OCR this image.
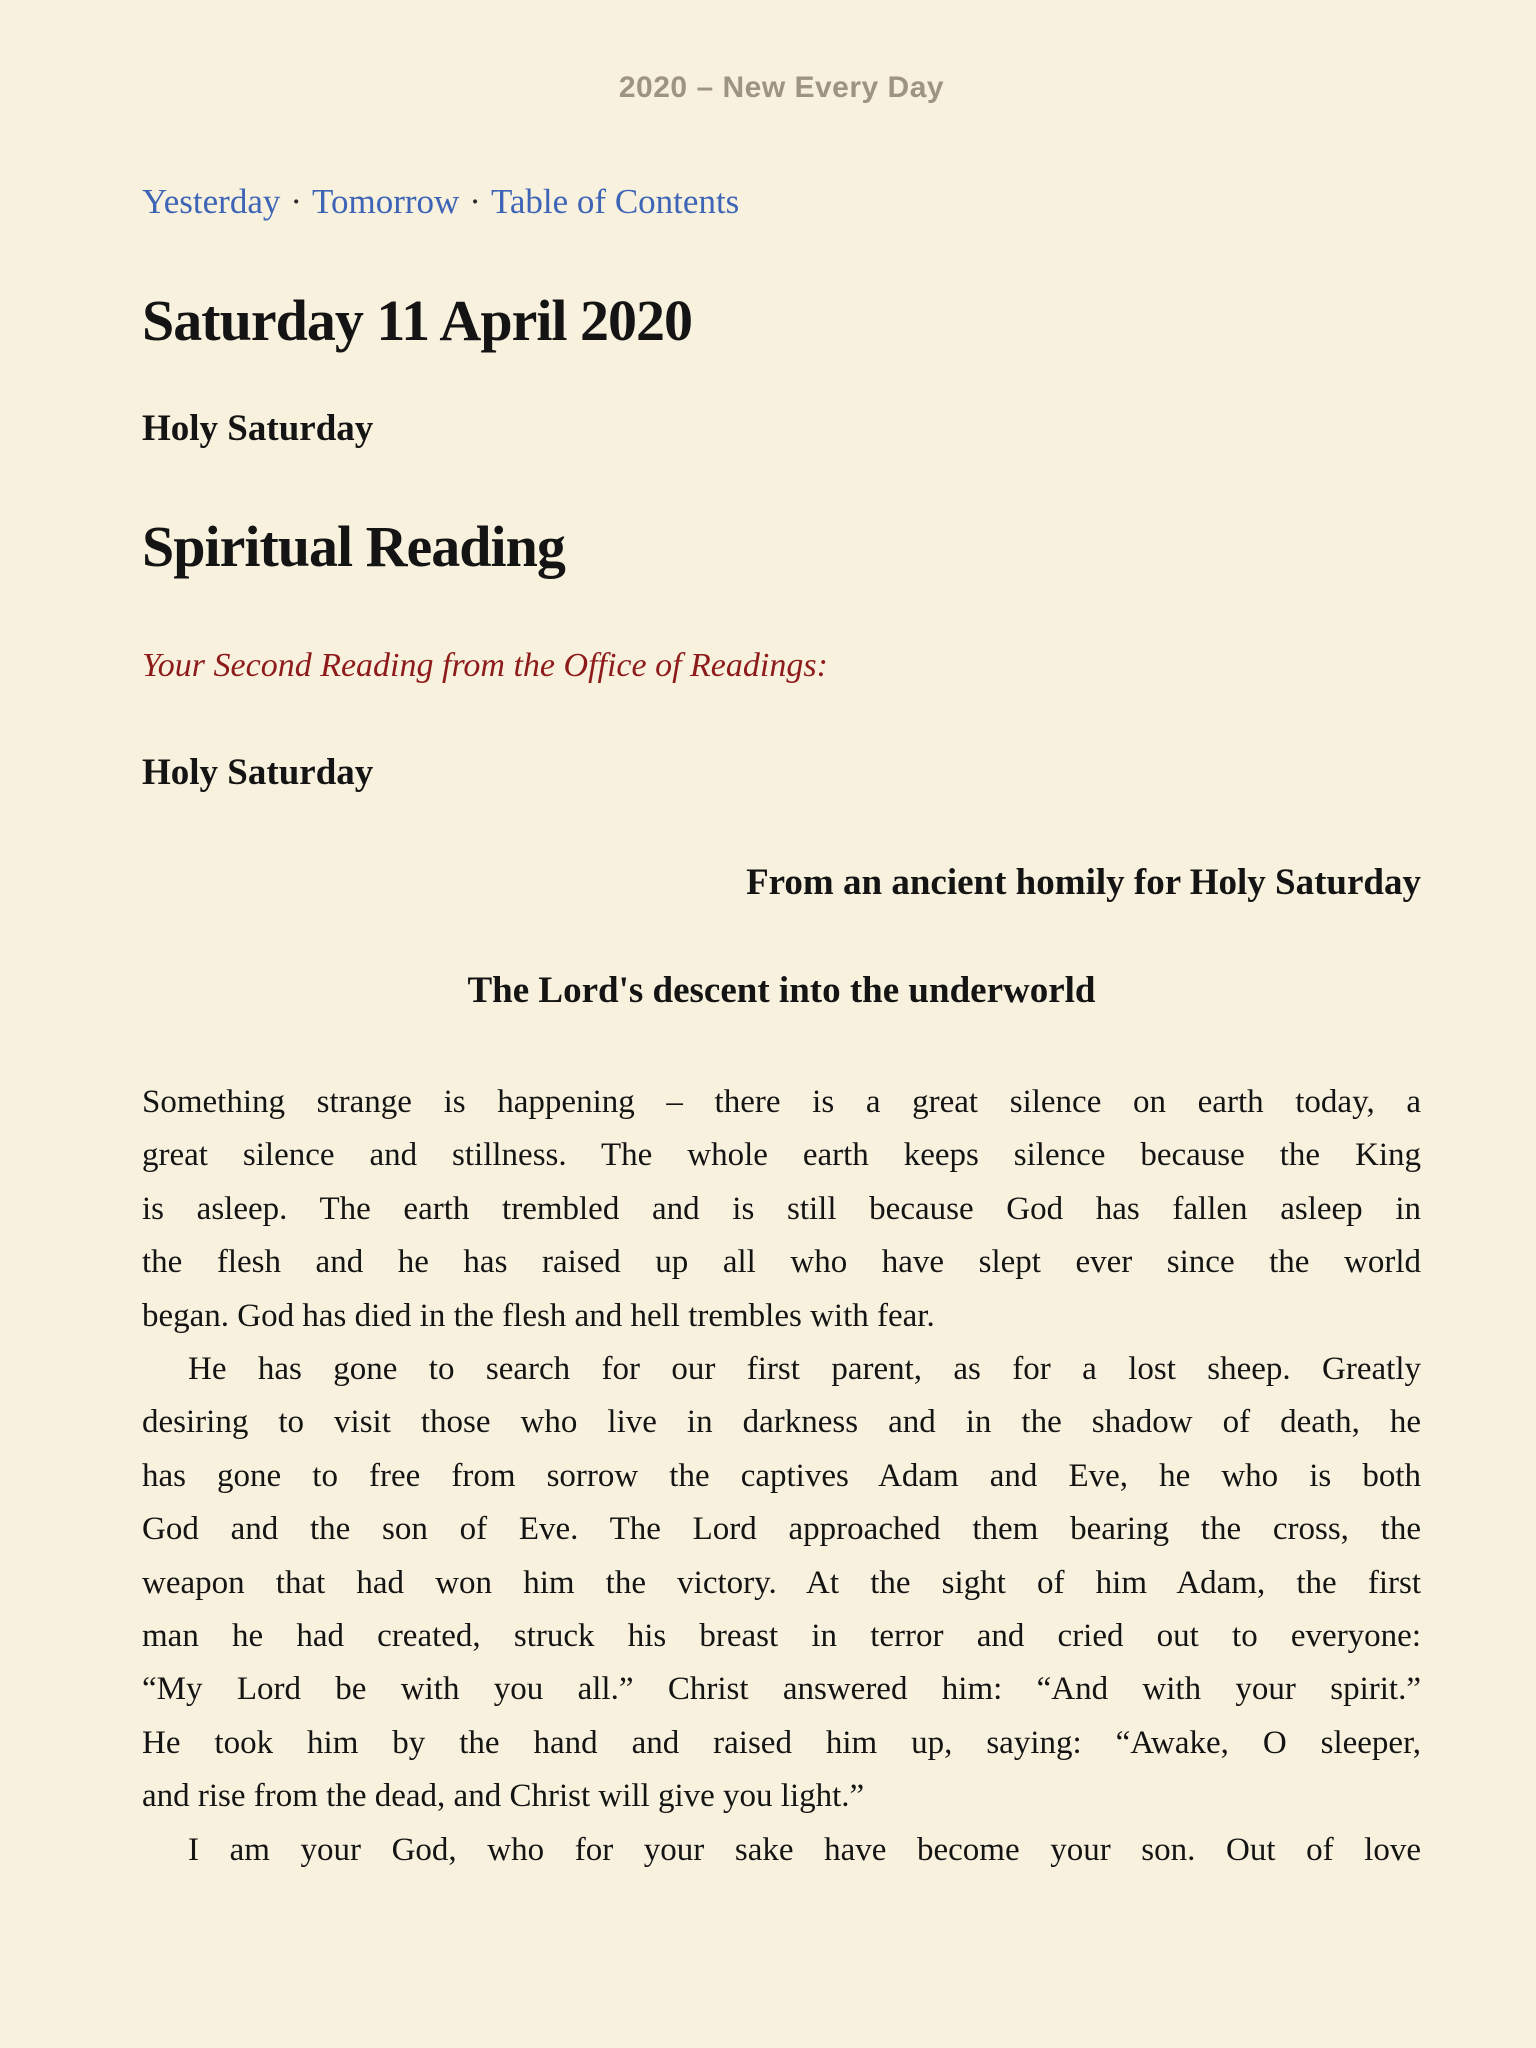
2020 – New Every Day
Yesterday · Tomorrow · Table of Contents
Saturday 11 April 2020
Holy Saturday
Spiritual Reading
Your Second Reading from the Office of Readings:
Holy Saturday
From an ancient homily for Holy Saturday
The Lord's descent into the underworld
Something strange is happening – there is a great silence on earth today, a
great silence and stillness. The whole earth keeps silence because the King
is asleep. The earth trembled and is still because God has fallen asleep in
the flesh and he has raised up all who have slept ever since the world
began. God has died in the flesh and hell trembles with fear.
He has gone to search for our first parent, as for a lost sheep. Greatly
desiring to visit those who live in darkness and in the shadow of death, he
has gone to free from sorrow the captives Adam and Eve, he who is both
God and the son of Eve. The Lord approached them bearing the cross, the
weapon that had won him the victory. At the sight of him Adam, the first
man he had created, struck his breast in terror and cried out to everyone:
“My Lord be with you all.” Christ answered him: “And with your spirit.”
He took him by the hand and raised him up, saying: “Awake, O sleeper,
and rise from the dead, and Christ will give you light.”
I am your God, who for your sake have become your son. Out of love
